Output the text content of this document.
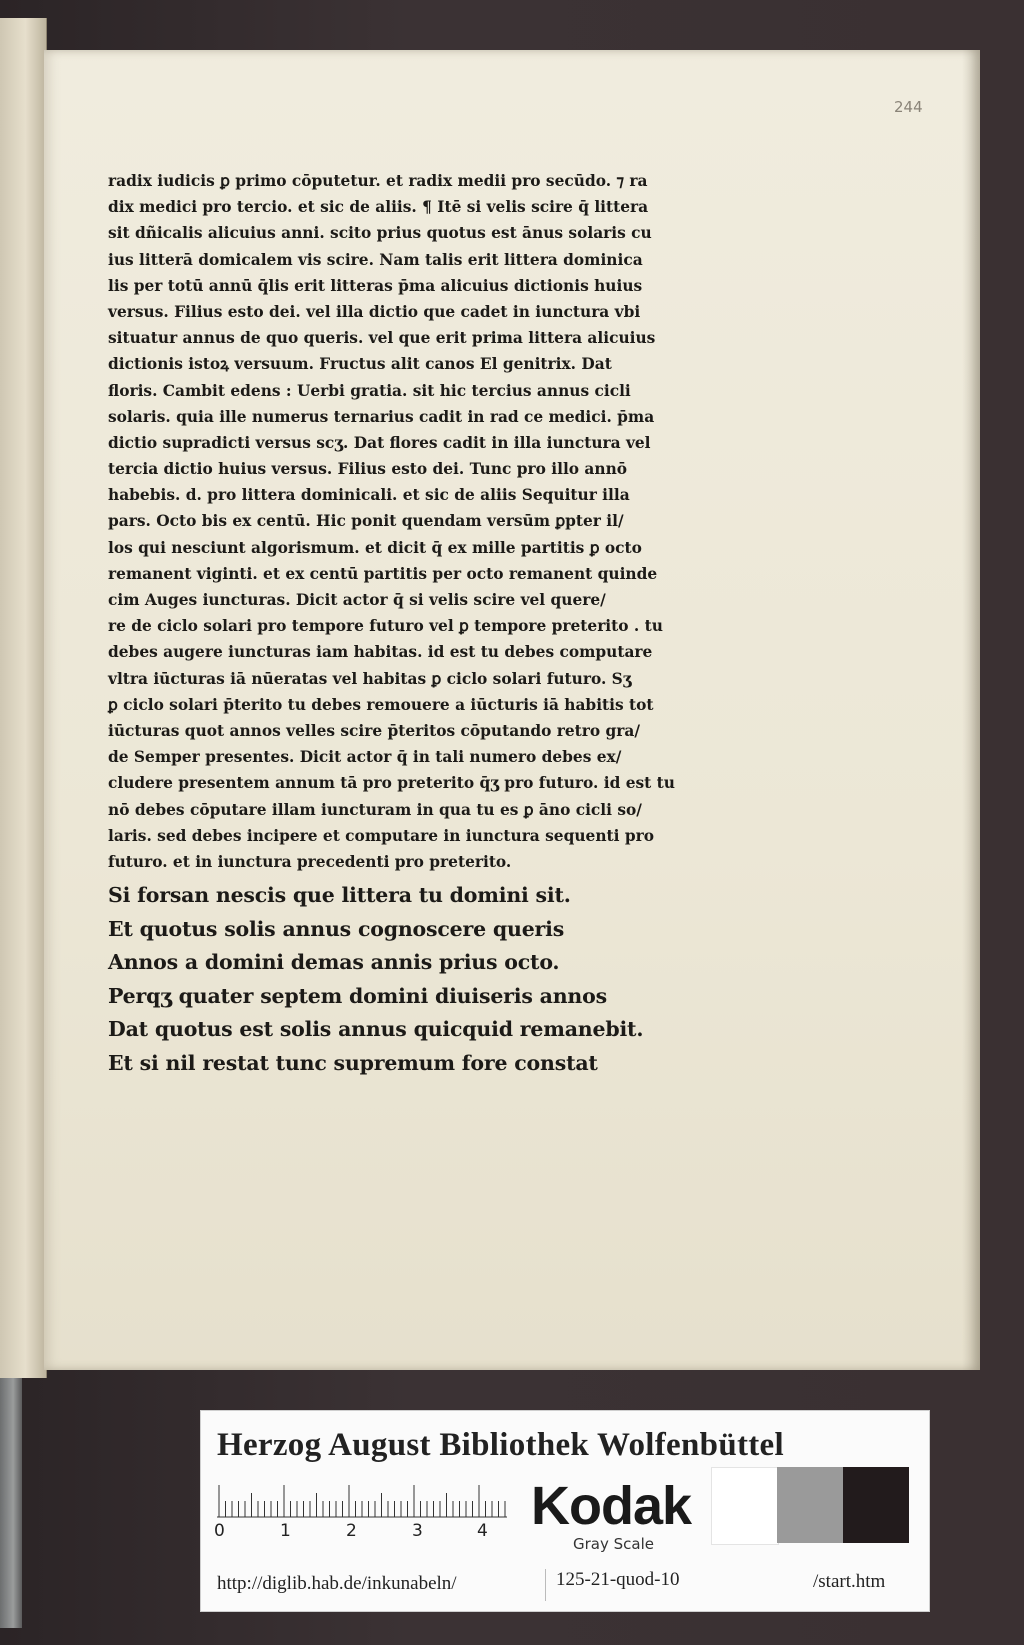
244
radix iudicis ꝑ primo cōputetur. et radix medii pro secūdo. ⁊ ra
dix medici pro tercio. et sic de aliis. ¶ Itē si velis scire q̄ littera
sit dñicalis alicuius anni. scito prius quotus est ānus solaris cu
ius litterā domicalem vis scire. Nam talis erit littera dominica
lis per totū annū q̄lis erit litteras p̄ma alicuius dictionis huius
versus. Filius esto dei. vel illa dictio que cadet in iunctura vbi
situatur annus de quo queris. vel que erit prima littera alicuius
dictionis istoꝝ versuum. Fructus alit canos El genitrix. Dat
floris. Cambit edens : Uerbi gratia. sit hic tercius annus cicli
solaris. quia ille numerus ternarius cadit in rad ce medici. p̄ma
dictio supradicti versus scʒ. Dat flores cadit in illa iunctura vel
tercia dictio huius versus. Filius esto dei. Tunc pro illo annō
habebis. d. pro littera dominicali. et sic de aliis Sequitur illa
pars. Octo bis ex centū. Hic ponit quendam versūm ꝑpter il/
los qui nesciunt algorismum. et dicit q̄ ex mille partitis ꝑ octo
remanent viginti. et ex centū partitis per octo remanent quinde
cim Auges iuncturas. Dicit actor q̄ si velis scire vel quere/
re de ciclo solari pro tempore futuro vel ꝑ tempore preterito . tu
debes augere iuncturas iam habitas. id est tu debes computare
vltra iūcturas iā nūeratas vel habitas ꝑ ciclo solari futuro. Sʒ
ꝑ ciclo solari p̄terito tu debes remouere a iūcturis iā habitis tot
iūcturas quot annos velles scire p̄teritos cōputando retro gra/
de Semper presentes. Dicit actor q̄ in tali numero debes ex/
cludere presentem annum tā pro preterito q̄ʒ pro futuro. id est tu
nō debes cōputare illam iuncturam in qua tu es ꝑ āno cicli so/
laris. sed debes incipere et computare in iunctura sequenti pro
futuro. et in iunctura precedenti pro preterito.
Si forsan nescis que littera tu domini sit.
Et quotus solis annus cognoscere queris
Annos a domini demas annis prius octo.
Perqʒ quater septem domini diuiseris annos
Dat quotus est solis annus quicquid remanebit.
Et si nil restat tunc supremum fore constat
Herzog August Bibliothek Wolfenbüttel
0	1	2	3	4 Kodak
Gray Scale
http://diglib.hab.de/inkunabeln/	125-21-quod-10	/start.htm
